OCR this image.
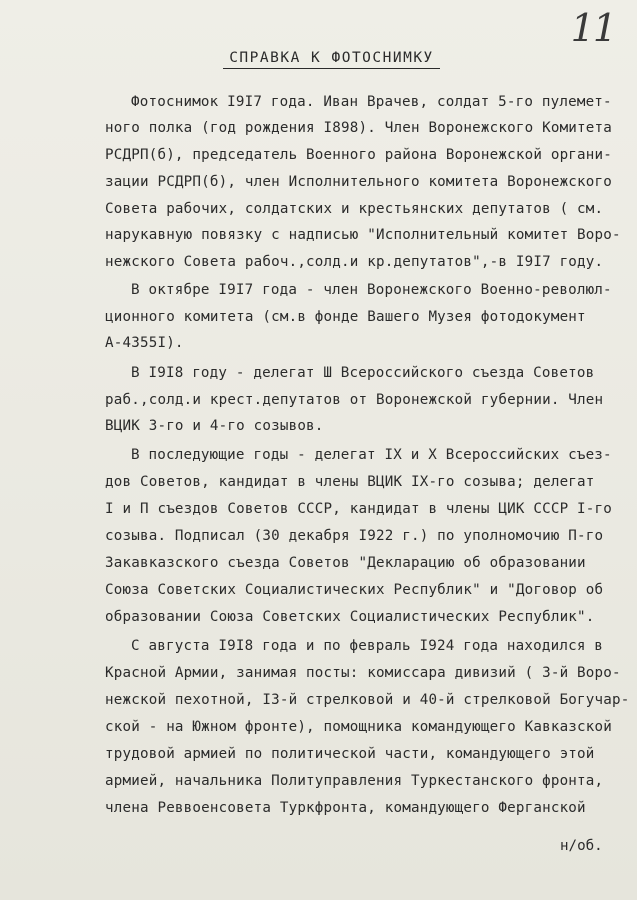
11
СПРАВКА К ФОТОСНИМКУ
Фотоснимок I9I7 года. Иван Врачев, солдат 5-го пулемет-
ного полка (год рождения I898). Член Воронежского Комитета
РСДРП(б), председатель Военного района Воронежской органи-
зации РСДРП(б), член Исполнительного комитета Воронежского
Совета рабочих, солдатских и крестьянских депутатов ( см.
нарукавную повязку с надписью "Исполнительный комитет Воро-
нежского Совета рабоч.,солд.и кр.депутатов",-в I9I7 году.
В октябре I9I7 года - член Воронежского Военно-революл-
ционного комитета (см.в фонде Вашего Музея фотодокумент
А-4355I).
В I9I8 году - делегат Ш Всероссийского съезда Советов
раб.,солд.и крест.депутатов от Воронежской губернии. Член
ВЦИК 3-го и 4-го созывов.
В последующие годы - делегат IX и X Всероссийских съез-
дов Советов, кандидат в члены ВЦИК IX-го созыва; делегат
I и П съездов Советов СССР, кандидат в члены ЦИК СССР I-го
созыва. Подписал (30 декабря I922 г.) по уполномочию П-го
Закавказского съезда Советов "Декларацию об образовании
Союза Советских Социалистических Республик" и "Договор об
образовании Союза Советских Социалистических Республик".
С августа I9I8 года и по февраль I924 года находился в
Красной Армии, занимая посты: комиссара дивизий ( 3-й Воро-
нежской пехотной, I3-й стрелковой и 40-й стрелковой Богучар-
ской - на Южном фронте), помощника командующего Кавказской
трудовой армией по политической части, командующего этой
армией, начальника Политуправления Туркестанского фронта,
члена Реввоенсовета Туркфронта, командующего Ферганской
н/об.
